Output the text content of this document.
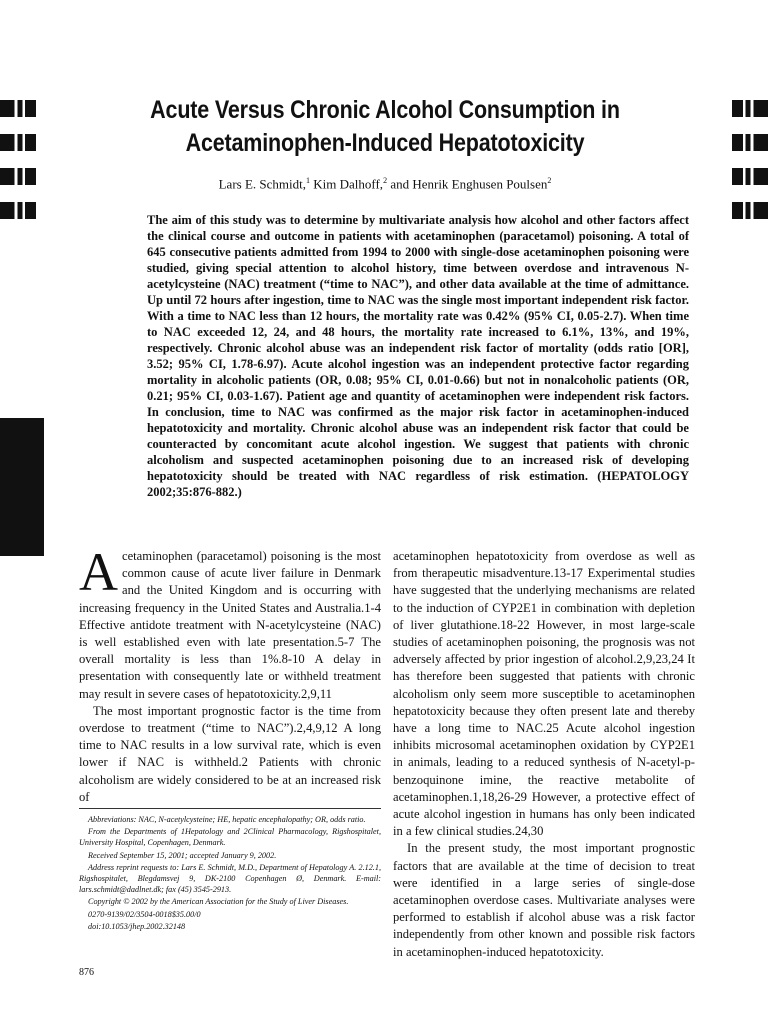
Acute Versus Chronic Alcohol Consumption in
Acetaminophen-Induced Hepatotoxicity
Lars E. Schmidt,$^1$ Kim Dalhoff,$^2$ and Henrik Enghusen Poulsen$^2$
The aim of this study was to determine by multivariate analysis how alcohol and other factors affect the clinical course and outcome in patients with acetaminophen (paracetamol) poisoning. A total of 645 consecutive patients admitted from 1994 to 2000 with single-dose acetaminophen poisoning were studied, giving special attention to alcohol history, time between overdose and intravenous N-acetylcysteine (NAC) treatment (“time to NAC”), and other data available at the time of admittance. Up until 72 hours after ingestion, time to NAC was the single most important independent risk factor. With a time to NAC less than 12 hours, the mortality rate was 0.42% (95% CI, 0.05-2.7). When time to NAC exceeded 12, 24, and 48 hours, the mortality rate increased to 6.1%, 13%, and 19%, respectively. Chronic alcohol abuse was an independent risk factor of mortality (odds ratio [OR], 3.52; 95% CI, 1.78-6.97). Acute alcohol ingestion was an independent protective factor regarding mortality in alcoholic patients (OR, 0.08; 95% CI, 0.01-0.66) but not in nonalcoholic patients (OR, 0.21; 95% CI, 0.03-1.67). Patient age and quantity of acetaminophen were independent risk factors. In conclusion, time to NAC was confirmed as the major risk factor in acetaminophen-induced hepatotoxicity and mortality. Chronic alcohol abuse was an independent risk factor that could be counteracted by concomitant acute alcohol ingestion. We suggest that patients with chronic alcoholism and suspected acetaminophen poisoning due to an increased risk of developing hepatotoxicity should be treated with NAC regardless of risk estimation. (HEPATOLOGY 2002;35:876-882.)

Acetaminophen (paracetamol) poisoning is the most common cause of acute liver failure in Denmark and the United Kingdom and is occurring with increasing frequency in the United States and Australia.1-4 Effective antidote treatment with N-acetylcysteine (NAC) is well established even with late presentation.5-7 The overall mortality is less than 1%.8-10 A delay in presentation with consequently late or withheld treatment may result in severe cases of hepatotoxicity.2,9,11

The most important prognostic factor is the time from overdose to treatment (“time to NAC”).2,4,9,12 A long time to NAC results in a low survival rate, which is even lower if NAC is withheld.2 Patients with chronic alcoholism are widely considered to be at an increased risk of

acetaminophen hepatotoxicity from overdose as well as from therapeutic misadventure.13-17 Experimental studies have suggested that the underlying mechanisms are related to the induction of CYP2E1 in combination with depletion of liver glutathione.18-22 However, in most large-scale studies of acetaminophen poisoning, the prognosis was not adversely affected by prior ingestion of alcohol.2,9,23,24 It has therefore been suggested that patients with chronic alcoholism only seem more susceptible to acetaminophen hepatotoxicity because they often present late and thereby have a long time to NAC.25 Acute alcohol ingestion inhibits microsomal acetaminophen oxidation by CYP2E1 in animals, leading to a reduced synthesis of N-acetyl-p-benzoquinone imine, the reactive metabolite of acetaminophen.1,18,26-29 However, a protective effect of acute alcohol ingestion in humans has only been indicated in a few clinical studies.24,30

In the present study, the most important prognostic factors that are available at the time of decision to treat were identified in a large series of single-dose acetaminophen overdose cases. Multivariate analyses were performed to establish if alcohol abuse was a risk factor independently from other known and possible risk factors in acetaminophen-induced hepatotoxicity.

Abbreviations: NAC, N-acetylcysteine; HE, hepatic encephalopathy; OR, odds ratio.

From the Departments of 1Hepatology and 2Clinical Pharmacology, Rigshospitalet, University Hospital, Copenhagen, Denmark.

Received September 15, 2001; accepted January 9, 2002.

Address reprint requests to: Lars E. Schmidt, M.D., Department of Hepatology A. 2.12.1, Rigshospitalet, Blegdamsvej 9, DK-2100 Copenhagen Ø, Denmark. E-mail: lars.schmidt@dadlnet.dk; fax (45) 3545-2913.

Copyright © 2002 by the American Association for the Study of Liver Diseases.

0270-9139/02/3504-0018$35.00/0

doi:10.1053/jhep.2002.32148

876
